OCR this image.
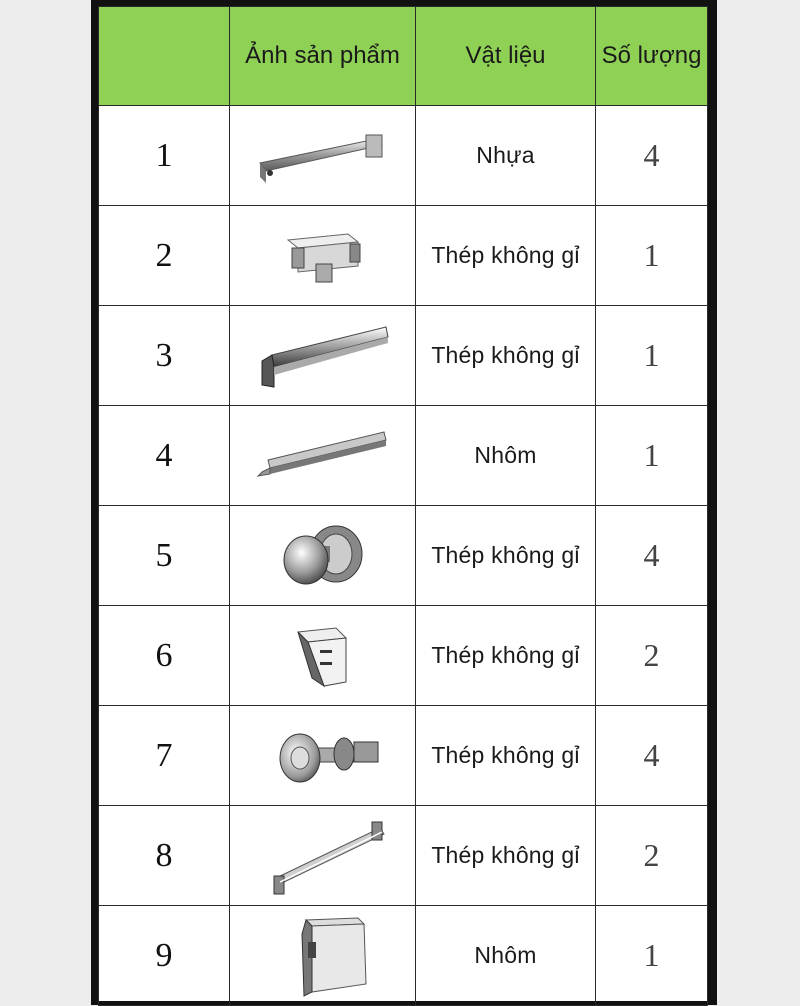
	Ảnh sản phẩm	Vật liệu	Số lượng
1		Nhựa	4
2		Thép không gỉ	1
3		Thép không gỉ	1
4		Nhôm	1
5		Thép không gỉ	4
6		Thép không gỉ	2
7		Thép không gỉ	4
8		Thép không gỉ	2
9		Nhôm	1
